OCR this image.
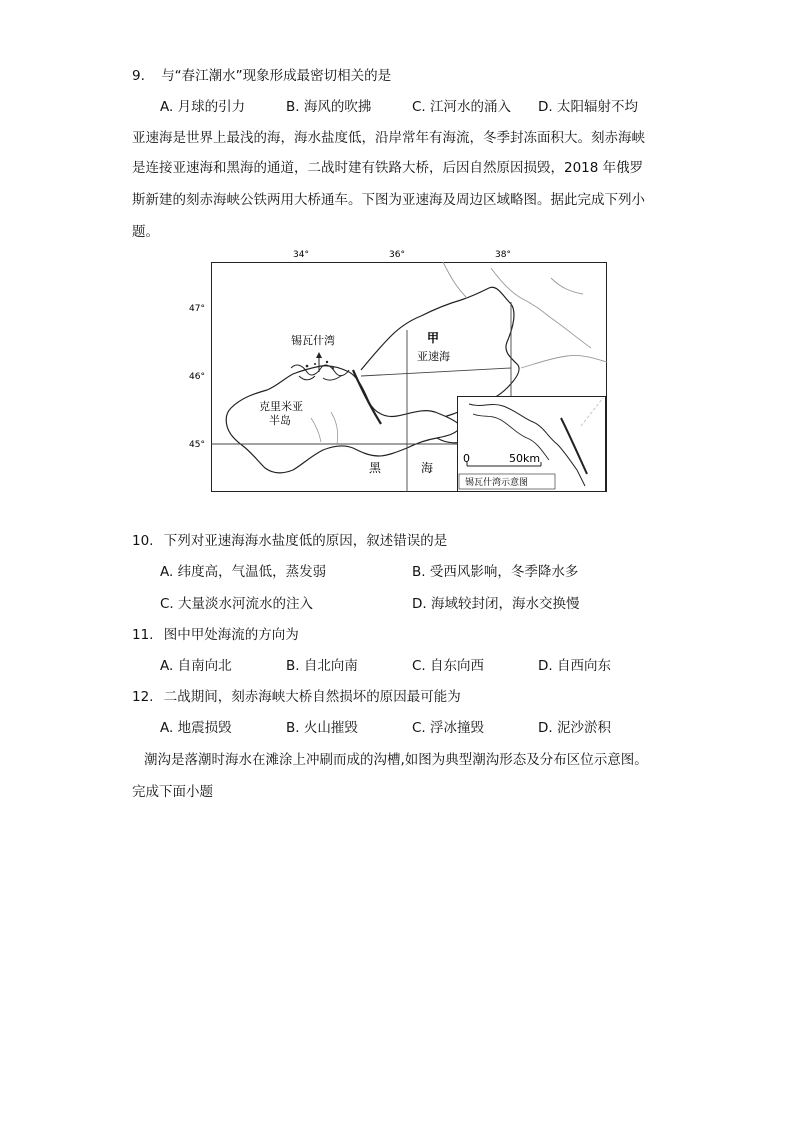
9. 与“春江潮水”现象形成最密切相关的是
A. 月球的引力	B. 海风的吹拂	C. 江河水的涌入 D. 太阳辐射不均
亚速海是世界上最浅的海，海水盐度低，沿岸常年有海流，冬季封冻面积大。刻赤海峡
是连接亚速海和黑海的通道，二战时建有铁路大桥，后因自然原因损毁，2018 年俄罗
斯新建的刻赤海峡公铁两用大桥通车。下图为亚速海及周边区域略图。据此完成下列小
题。
34°	36°	38°
47°
46°
45°
锡瓦什湾	甲
亚速海
克里米亚
半岛
黑	海
0	50km
锡瓦什湾示意图
10. 下列对亚速海海水盐度低的原因，叙述错误的是
A. 纬度高，气温低，蒸发弱	B. 受西风影响，冬季降水多
C. 大量淡水河流水的注入	D. 海域较封闭，海水交换慢
11. 图中甲处海流的方向为
A. 自南向北	B. 自北向南	C. 自东向西	D. 自西向东
12. 二战期间，刻赤海峡大桥自然损坏的原因最可能为
A. 地震损毁	B. 火山摧毁	C. 浮冰撞毁	D. 泥沙淤积
潮沟是落潮时海水在滩涂上冲刷而成的沟槽,如图为典型潮沟形态及分布区位示意图。
完成下面小题
